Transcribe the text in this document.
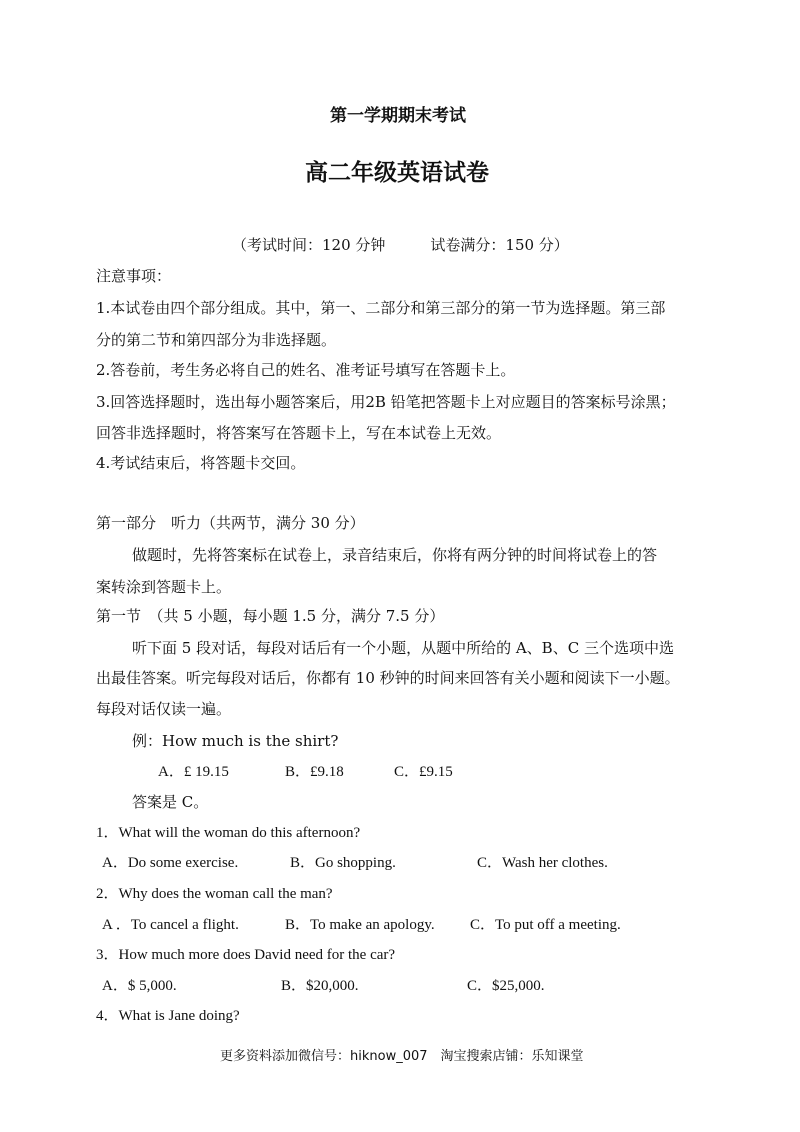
第一学期期末考试
高二年级英语试卷
（考试时间：120 分钟　　　试卷满分：150 分）
注意事项：
1.本试卷由四个部分组成。其中，第一、二部分和第三部分的第一节为选择题。第三部
分的第二节和第四部分为非选择题。
2.答卷前，考生务必将自己的姓名、准考证号填写在答题卡上。
3.回答选择题时，选出每小题答案后，用2B 铅笔把答题卡上对应题目的答案标号涂黑；
回答非选择题时，将答案写在答题卡上，写在本试卷上无效。
4.考试结束后，将答题卡交回。
第一部分　听力（共两节，满分 30 分）
做题时，先将答案标在试卷上，录音结束后，你将有两分钟的时间将试卷上的答
案转涂到答题卡上。
第一节　（共 5 小题，每小题 1.5 分，满分 7.5 分）
听下面 5 段对话，每段对话后有一个小题，从题中所给的 A、B、C 三个选项中选
出最佳答案。听完每段对话后，你都有 10 秒钟的时间来回答有关小题和阅读下一小题。
每段对话仅读一遍。
例：How much is the shirt?
A．£ 19.15	B．£9.18	C．£9.15
答案是 C。
1．What will the woman do this afternoon?
A．Do some exercise.	B．Go shopping.	C．Wash her clothes.
2．Why does the woman call the man?
A ．To cancel a flight.	B．To make an apology. C．To put off a meeting.
3．How much more does David need for the car?
A．$ 5,000.	B．$20,000.	C．$25,000.
4．What is Jane doing?
更多资料添加微信号：hiknow_007　淘宝搜索店铺：乐知课堂
